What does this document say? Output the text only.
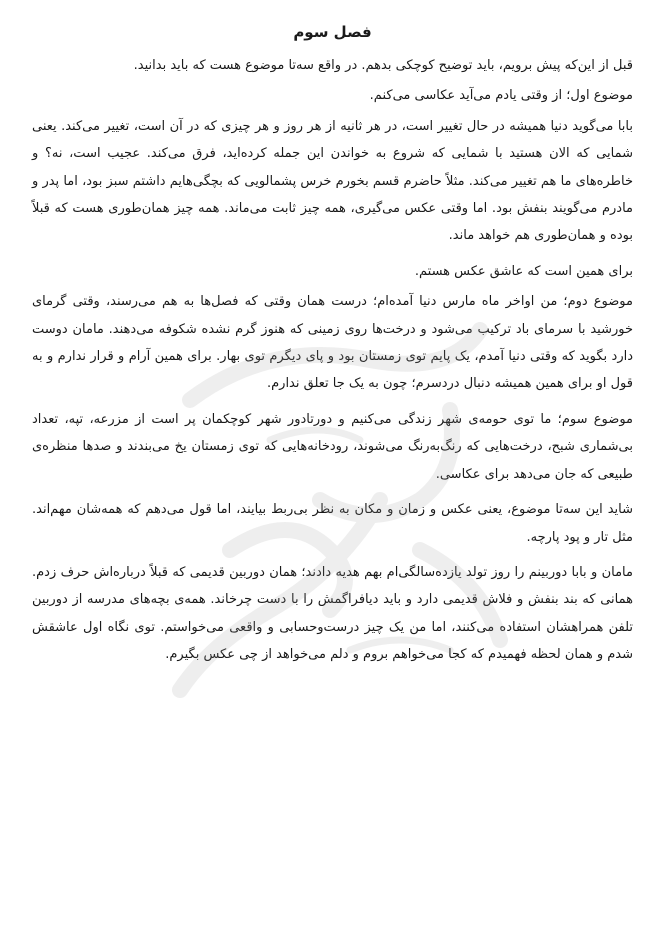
فصل سوم

قبل از این‌که پیش برویم، باید توضیح کوچکی بدهم. در واقع سه‌تا موضوع هست که باید بدانید.

موضوع اول؛ از وقتی یادم می‌آید عکاسی می‌کنم.

بابا می‌گوید دنیا همیشه در حال تغییر است، در هر ثانیه از هر روز و هر چیزی که در آن است، تغییر می‌کند. یعنی شمایی که الان هستید با شمایی که شروع به خواندن این جمله کرده‌اید، فرق می‌کند. عجیب است، نه؟ و خاطره‌های ما هم تغییر می‌کند. مثلاً حاضرم قسم بخورم خرس پشمالویی که بچگی‌هایم داشتم سبز بود، اما پدر و مادرم می‌گویند بنفش بود. اما وقتی عکس می‌گیری، همه چیز ثابت می‌ماند. همه چیز همان‌طوری هست که قبلاً بوده و همان‌طوری هم خواهد ماند.

برای همین است که عاشق عکس هستم.

موضوع دوم؛ من اواخر ماه مارس دنیا آمده‌ام؛ درست همان وقتی که فصل‌ها به هم می‌رسند، وقتی گرمای خورشید با سرمای باد ترکیب می‌شود و درخت‌ها روی زمینی که هنوز گرم نشده شکوفه می‌دهند. مامان دوست دارد بگوید که وقتی دنیا آمدم، یک پایم توی زمستان بود و پای دیگرم توی بهار. برای همین آرام و قرار ندارم و به قول او برای همین همیشه دنبال دردسرم؛ چون به یک جا تعلق ندارم.

موضوع سوم؛ ما توی حومه‌ی شهر زندگی می‌کنیم و دورتادور شهر کوچکمان پر است از مزرعه، تپه، تعداد بی‌شماری شبح، درخت‌هایی که رنگ‌به‌رنگ می‌شوند، رودخانه‌هایی که توی زمستان یخ می‌بندند و صدها منظره‌ی طبیعی که جان می‌دهد برای عکاسی.

شاید این سه‌تا موضوع، یعنی عکس و زمان و مکان به نظر بی‌ربط بیایند، اما قول می‌دهم که همه‌شان مهم‌اند. مثل تار و پود پارچه.

مامان و بابا دوربینم را روز تولد یازده‌سالگی‌ام بهم هدیه دادند؛ همان دوربین قدیمی که قبلاً درباره‌اش حرف زدم. همانی که بند بنفش و فلاش قدیمی دارد و باید دیافراگمش را با دست چرخاند. همه‌ی بچه‌های مدرسه از دوربین تلفن همراهشان استفاده می‌کنند، اما من یک چیز درست‌وحسابی و واقعی می‌خواستم. توی نگاه اول عاشقش شدم و همان لحظه فهمیدم که کجا می‌خواهم بروم و دلم می‌خواهد از چی عکس بگیرم.
